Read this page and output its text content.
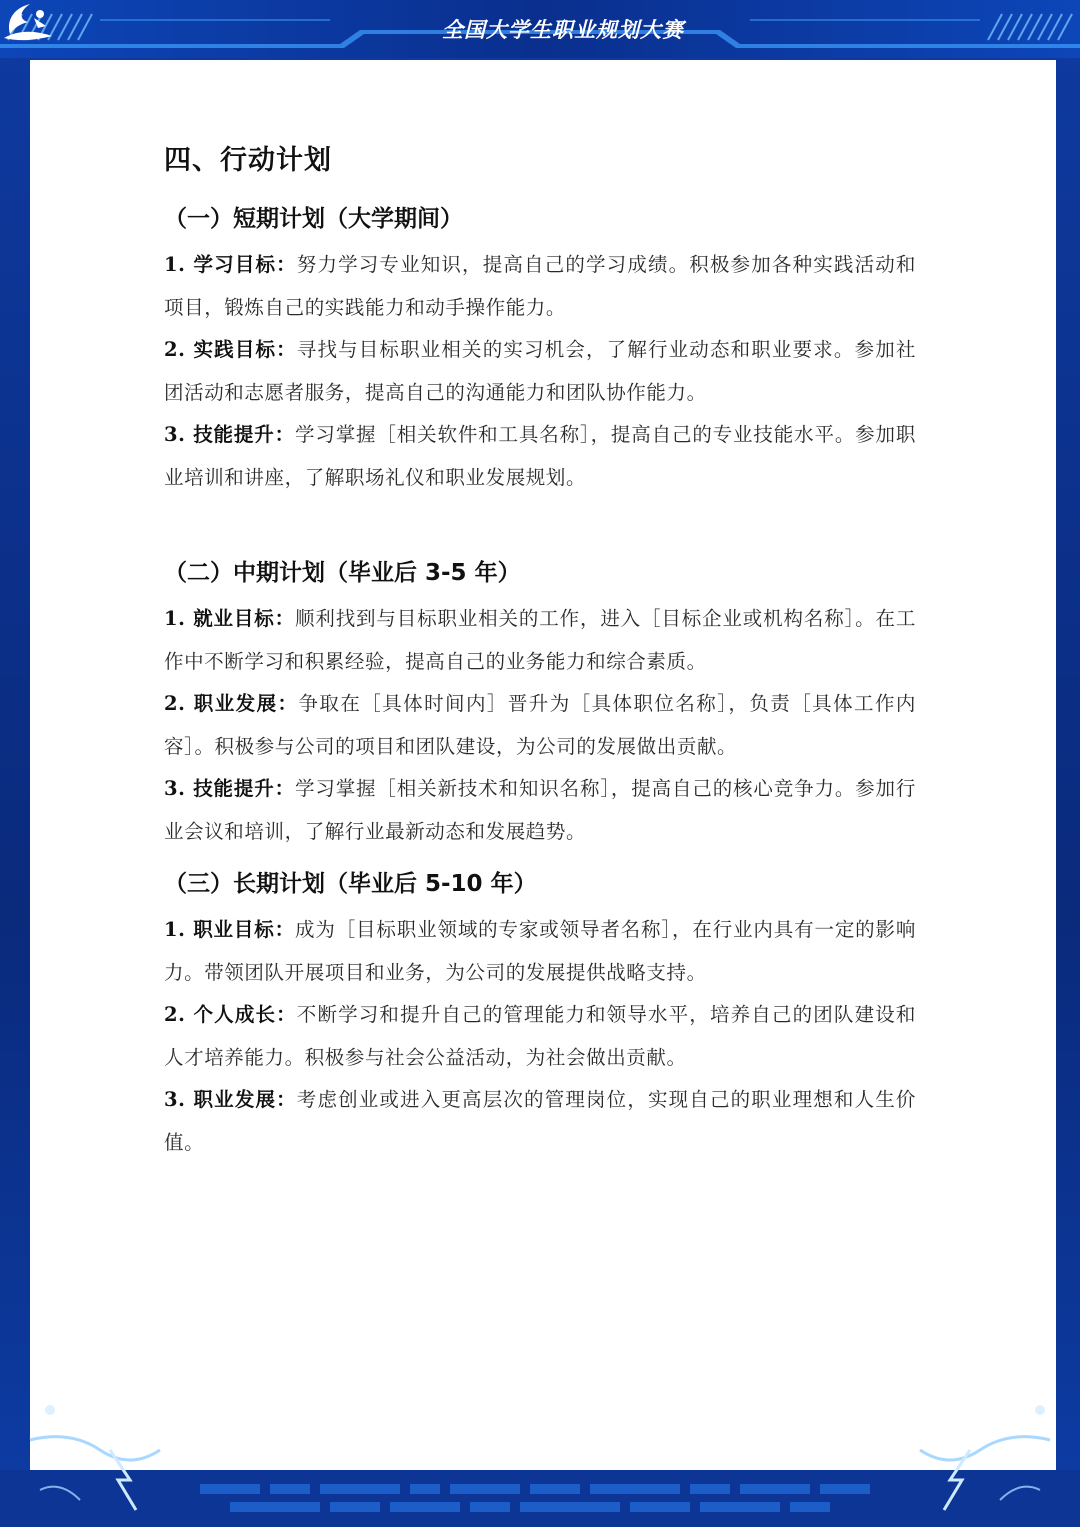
全国大学生职业规划大赛
四、行动计划
（一）短期计划（大学期间）

1. 学习目标：努力学习专业知识，提高自己的学习成绩。积极参加各种实践活动和项目，锻炼自己的实践能力和动手操作能力。

2. 实践目标：寻找与目标职业相关的实习机会，了解行业动态和职业要求。参加社团活动和志愿者服务，提高自己的沟通能力和团队协作能力。

3. 技能提升：学习掌握［相关软件和工具名称］，提高自己的专业技能水平。参加职业培训和讲座，了解职场礼仪和职业发展规划。

（二）中期计划（毕业后 3-5 年）

1. 就业目标：顺利找到与目标职业相关的工作，进入［目标企业或机构名称］。在工作中不断学习和积累经验，提高自己的业务能力和综合素质。

2. 职业发展：争取在［具体时间内］晋升为［具体职位名称］，负责［具体工作内容］。积极参与公司的项目和团队建设，为公司的发展做出贡献。

3. 技能提升：学习掌握［相关新技术和知识名称］，提高自己的核心竞争力。参加行业会议和培训，了解行业最新动态和发展趋势。

（三）长期计划（毕业后 5-10 年）

1. 职业目标：成为［目标职业领域的专家或领导者名称］，在行业内具有一定的影响力。带领团队开展项目和业务，为公司的发展提供战略支持。

2. 个人成长：不断学习和提升自己的管理能力和领导水平，培养自己的团队建设和人才培养能力。积极参与社会公益活动，为社会做出贡献。

3. 职业发展：考虑创业或进入更高层次的管理岗位，实现自己的职业理想和人生价值。
